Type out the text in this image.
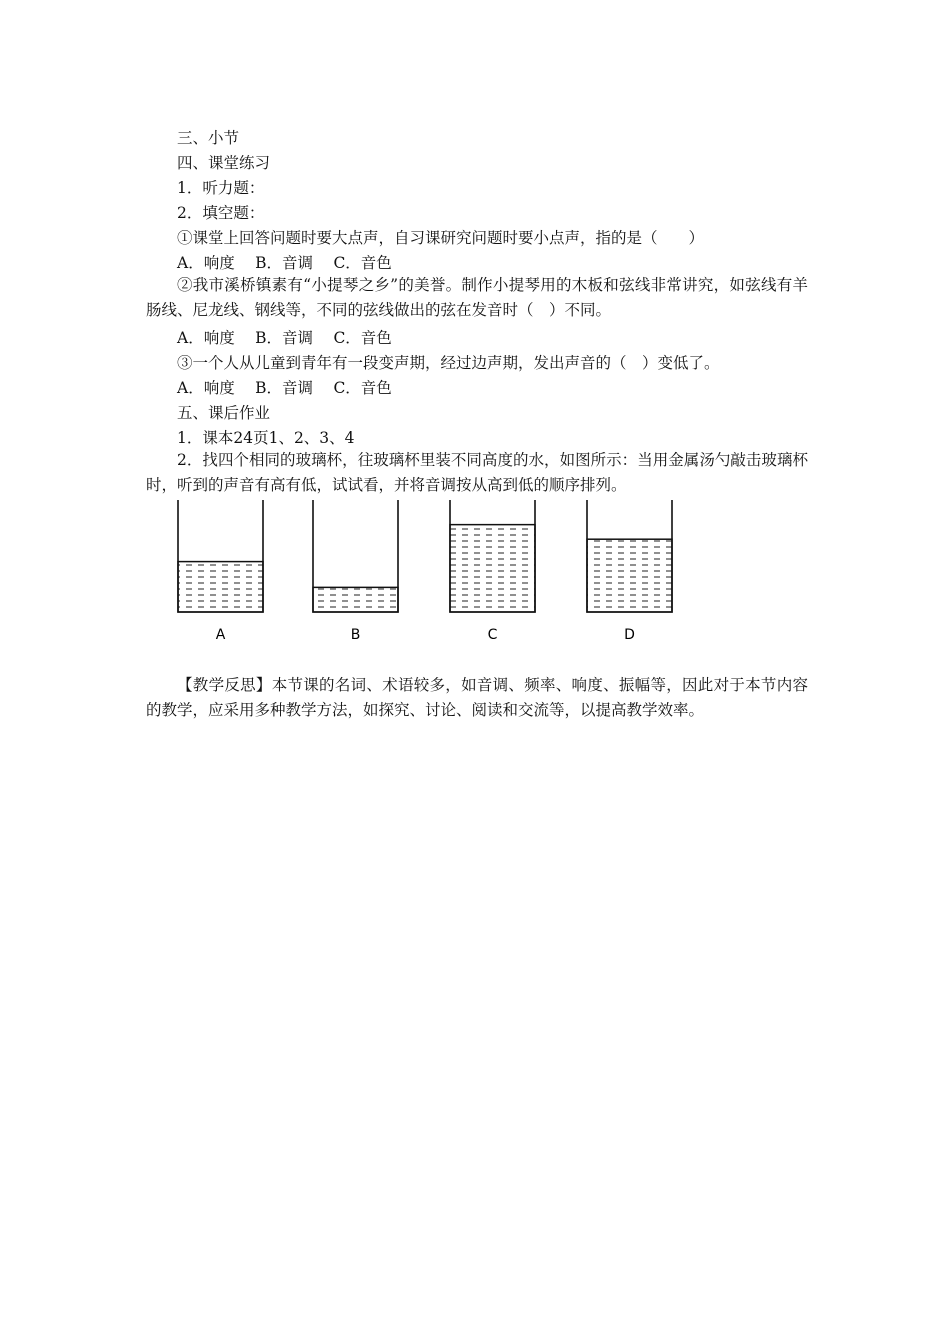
三、小节
四、课堂练习
1．听力题：
2．填空题：
①课堂上回答问题时要大点声，自习课研究问题时要小点声，指的是（　　）
A．响度　 B．音调　 C．音色
②我市溪桥镇素有“小提琴之乡”的美誉。制作小提琴用的木板和弦线非常讲究，如弦线有羊肠线、尼龙线、钢线等，不同的弦线做出的弦在发音时（　）不同。
A．响度　 B．音调　 C．音色
③一个人从儿童到青年有一段变声期，经过边声期，发出声音的（　）变低了。
A．响度　 B．音调　 C．音色
五、课后作业
1．课本24页1、2、3、4
2．找四个相同的玻璃杯，往玻璃杯里装不同高度的水，如图所示：当用金属汤勺敲击玻璃杯时，听到的声音有高有低，试试看，并将音调按从高到低的顺序排列。
A	B	C	D
【教学反思】本节课的名词、术语较多，如音调、频率、响度、振幅等，因此对于本节内容的教学，应采用多种教学方法，如探究、讨论、阅读和交流等，以提高教学效率。
